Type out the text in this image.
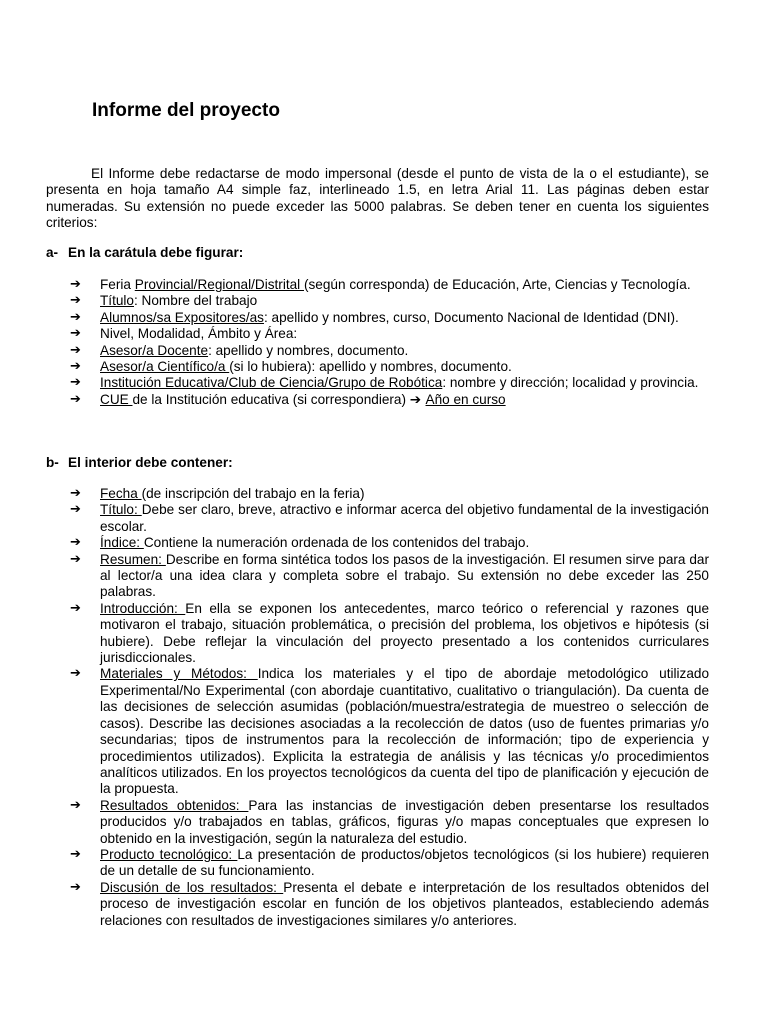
Informe del proyecto

El Informe debe redactarse de modo impersonal (desde el punto de vista de la o el estudiante), se presenta en hoja tamaño A4 simple faz, interlineado 1.5, en letra Arial 11. Las páginas deben estar numeradas. Su extensión no puede exceder las 5000 palabras. Se deben tener en cuenta los siguientes criterios:

a- En la carátula debe figurar:
➔	Feria Provincial/Regional/Distrital (según corresponda) de Educación, Arte, Ciencias y Tecnología.
➔	Título: Nombre del trabajo
➔	Alumnos/sa Expositores/as: apellido y nombres, curso, Documento Nacional de Identidad (DNI).
➔	Nivel, Modalidad, Ámbito y Área:
➔	Asesor/a Docente: apellido y nombres, documento.
➔	Asesor/a Científico/a (si lo hubiera): apellido y nombres, documento.
➔	Institución Educativa/Club de Ciencia/Grupo de Robótica: nombre y dirección; localidad y provincia.
➔	CUE de la Institución educativa (si correspondiera) ➔ Año en curso
b- El interior debe contener:
➔	Fecha (de inscripción del trabajo en la feria)
➔	Título: Debe ser claro, breve, atractivo e informar acerca del objetivo fundamental de la investigación escolar.
➔	Índice: Contiene la numeración ordenada de los contenidos del trabajo.
➔	Resumen: Describe en forma sintética todos los pasos de la investigación. El resumen sirve para dar al lector/a una idea clara y completa sobre el trabajo. Su extensión no debe exceder las 250 palabras.
➔	Introducción: En ella se exponen los antecedentes, marco teórico o referencial y razones que motivaron el trabajo, situación problemática, o precisión del problema, los objetivos e hipótesis (si hubiere). Debe reflejar la vinculación del proyecto presentado a los contenidos curriculares jurisdiccionales.
➔	Materiales y Métodos: Indica los materiales y el tipo de abordaje metodológico utilizado Experimental/No Experimental (con abordaje cuantitativo, cualitativo o triangulación). Da cuenta de las decisiones de selección asumidas (población/muestra/estrategia de muestreo o selección de casos). Describe las decisiones asociadas a la recolección de datos (uso de fuentes primarias y/o secundarias; tipos de instrumentos para la recolección de información; tipo de experiencia y procedimientos utilizados). Explicita la estrategia de análisis y las técnicas y/o procedimientos analíticos utilizados. En los proyectos tecnológicos da cuenta del tipo de planificación y ejecución de la propuesta.
➔	Resultados obtenidos: Para las instancias de investigación deben presentarse los resultados producidos y/o trabajados en tablas, gráficos, figuras y/o mapas conceptuales que expresen lo obtenido en la investigación, según la naturaleza del estudio.
➔	Producto tecnológico: La presentación de productos/objetos tecnológicos (si los hubiere) requieren de un detalle de su funcionamiento.
➔	Discusión de los resultados: Presenta el debate e interpretación de los resultados obtenidos del proceso de investigación escolar en función de los objetivos planteados, estableciendo además relaciones con resultados de investigaciones similares y/o anteriores.
